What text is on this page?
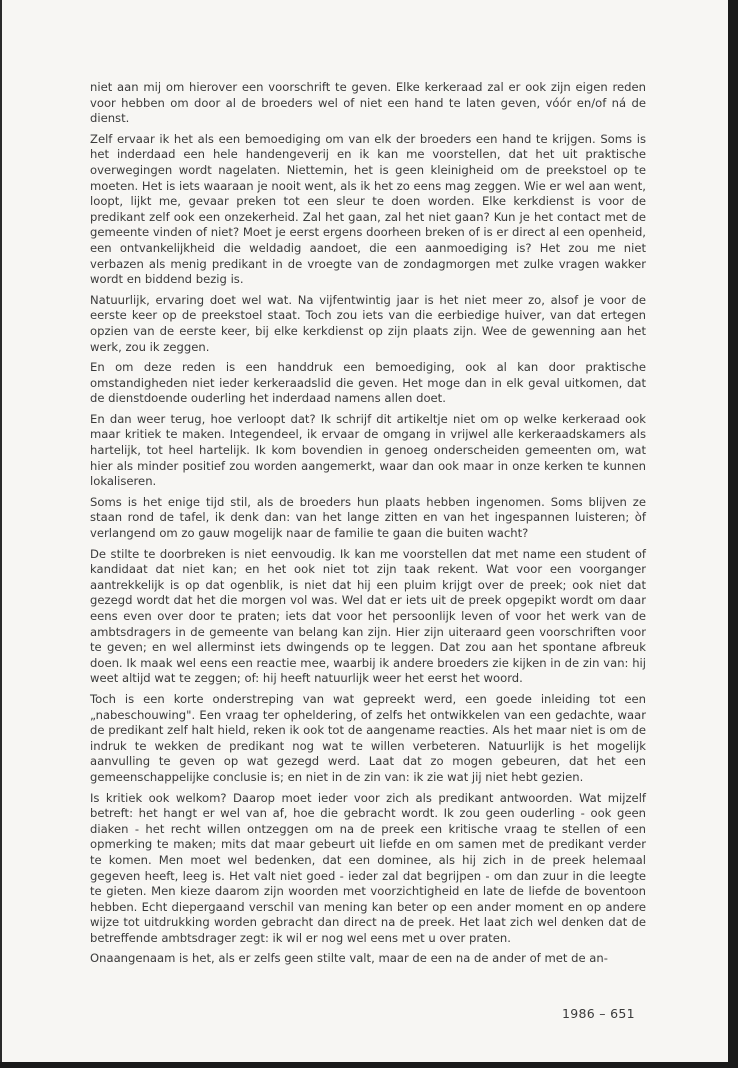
niet aan mij om hierover een voorschrift te geven. Elke kerkeraad zal er ook zijn eigen reden voor hebben om door al de broeders wel of niet een hand te laten geven, vóór en/of ná de dienst.

Zelf ervaar ik het als een bemoediging om van elk der broeders een hand te krijgen. Soms is het inderdaad een hele handengeverij en ik kan me voorstellen, dat het uit praktische overwegingen wordt nagelaten. Niettemin, het is geen kleinigheid om de preekstoel op te moeten. Het is iets waaraan je nooit went, als ik het zo eens mag zeggen. Wie er wel aan went, loopt, lijkt me, gevaar preken tot een sleur te doen worden. Elke kerkdienst is voor de predikant zelf ook een onzekerheid. Zal het gaan, zal het niet gaan? Kun je het contact met de gemeente vinden of niet? Moet je eerst ergens doorheen breken of is er direct al een openheid, een ontvankelijkheid die weldadig aandoet, die een aanmoediging is? Het zou me niet verbazen als menig predikant in de vroegte van de zondagmorgen met zulke vragen wakker wordt en biddend bezig is.

Natuurlijk, ervaring doet wel wat. Na vijfentwintig jaar is het niet meer zo, alsof je voor de eerste keer op de preekstoel staat. Toch zou iets van die eerbiedige huiver, van dat ertegen opzien van de eerste keer, bij elke kerkdienst op zijn plaats zijn. Wee de gewenning aan het werk, zou ik zeggen.

En om deze reden is een handdruk een bemoediging, ook al kan door praktische omstandigheden niet ieder kerkeraadslid die geven. Het moge dan in elk geval uitkomen, dat de dienstdoende ouderling het inderdaad namens allen doet.

En dan weer terug, hoe verloopt dat? Ik schrijf dit artikeltje niet om op welke kerkeraad ook maar kritiek te maken. Integendeel, ik ervaar de omgang in vrijwel alle kerkeraadskamers als hartelijk, tot heel hartelijk. Ik kom bovendien in genoeg onderscheiden gemeenten om, wat hier als minder positief zou worden aangemerkt, waar dan ook maar in onze kerken te kunnen lokaliseren.

Soms is het enige tijd stil, als de broeders hun plaats hebben ingenomen. Soms blijven ze staan rond de tafel, ik denk dan: van het lange zitten en van het ingespannen luisteren; òf verlangend om zo gauw mogelijk naar de familie te gaan die buiten wacht?

De stilte te doorbreken is niet eenvoudig. Ik kan me voorstellen dat met name een student of kandidaat dat niet kan; en het ook niet tot zijn taak rekent. Wat voor een voorganger aantrekkelijk is op dat ogenblik, is niet dat hij een pluim krijgt over de preek; ook niet dat gezegd wordt dat het die morgen vol was. Wel dat er iets uit de preek opgepikt wordt om daar eens even over door te praten; iets dat voor het persoonlijk leven of voor het werk van de ambtsdragers in de gemeente van belang kan zijn. Hier zijn uiteraard geen voorschriften voor te geven; en wel allerminst iets dwingends op te leggen. Dat zou aan het spontane afbreuk doen. Ik maak wel eens een reactie mee, waarbij ik andere broeders zie kijken in de zin van: hij weet altijd wat te zeggen; of: hij heeft natuurlijk weer het eerst het woord.

Toch is een korte onderstreping van wat gepreekt werd, een goede inleiding tot een „nabeschouwing". Een vraag ter opheldering, of zelfs het ontwikkelen van een gedachte, waar de predikant zelf halt hield, reken ik ook tot de aangename reacties. Als het maar niet is om de indruk te wekken de predikant nog wat te willen verbeteren. Natuurlijk is het mogelijk aanvulling te geven op wat gezegd werd. Laat dat zo mogen gebeuren, dat het een gemeenschappelijke conclusie is; en niet in de zin van: ik zie wat jij niet hebt gezien.

Is kritiek ook welkom? Daarop moet ieder voor zich als predikant antwoorden. Wat mijzelf betreft: het hangt er wel van af, hoe die gebracht wordt. Ik zou geen ouderling - ook geen diaken - het recht willen ontzeggen om na de preek een kritische vraag te stellen of een opmerking te maken; mits dat maar gebeurt uit liefde en om samen met de predikant verder te komen. Men moet wel bedenken, dat een dominee, als hij zich in de preek helemaal gegeven heeft, leeg is. Het valt niet goed - ieder zal dat begrijpen - om dan zuur in die leegte te gieten. Men kieze daarom zijn woorden met voorzichtigheid en late de liefde de boventoon hebben. Echt diepergaand verschil van mening kan beter op een ander moment en op andere wijze tot uitdrukking worden gebracht dan direct na de preek. Het laat zich wel denken dat de betreffende ambtsdrager zegt: ik wil er nog wel eens met u over praten.

Onaangenaam is het, als er zelfs geen stilte valt, maar de een na de ander of met de an-

1986 – 651
